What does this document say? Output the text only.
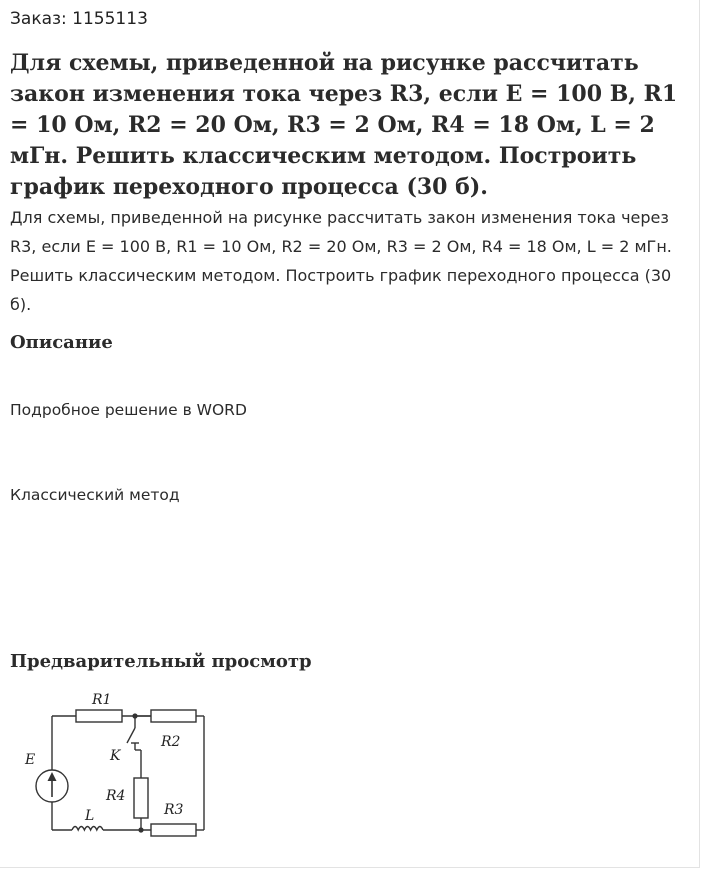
Заказ: 1155113
Для схемы, приведенной на рисунке рассчитать закон изменения тока через R3, если E = 100 В, R1 = 10 Ом, R2 = 20 Ом, R3 = 2 Ом, R4 = 18 Ом, L = 2 мГн. Решить классическим методом. Построить график переходного процесса (30 б).

Для схемы, приведенной на рисунке рассчитать закон изменения тока через R3, если E = 100 В, R1 = 10 Ом, R2 = 20 Ом, R3 = 2 Ом, R4 = 18 Ом, L = 2 мГн. Решить классическим методом. Построить график переходного процесса (30 б).

Описание

Подробное решение в WORD

Классический метод

Предварительный просмотр
R1
R2
R3
R4
K
E
L
